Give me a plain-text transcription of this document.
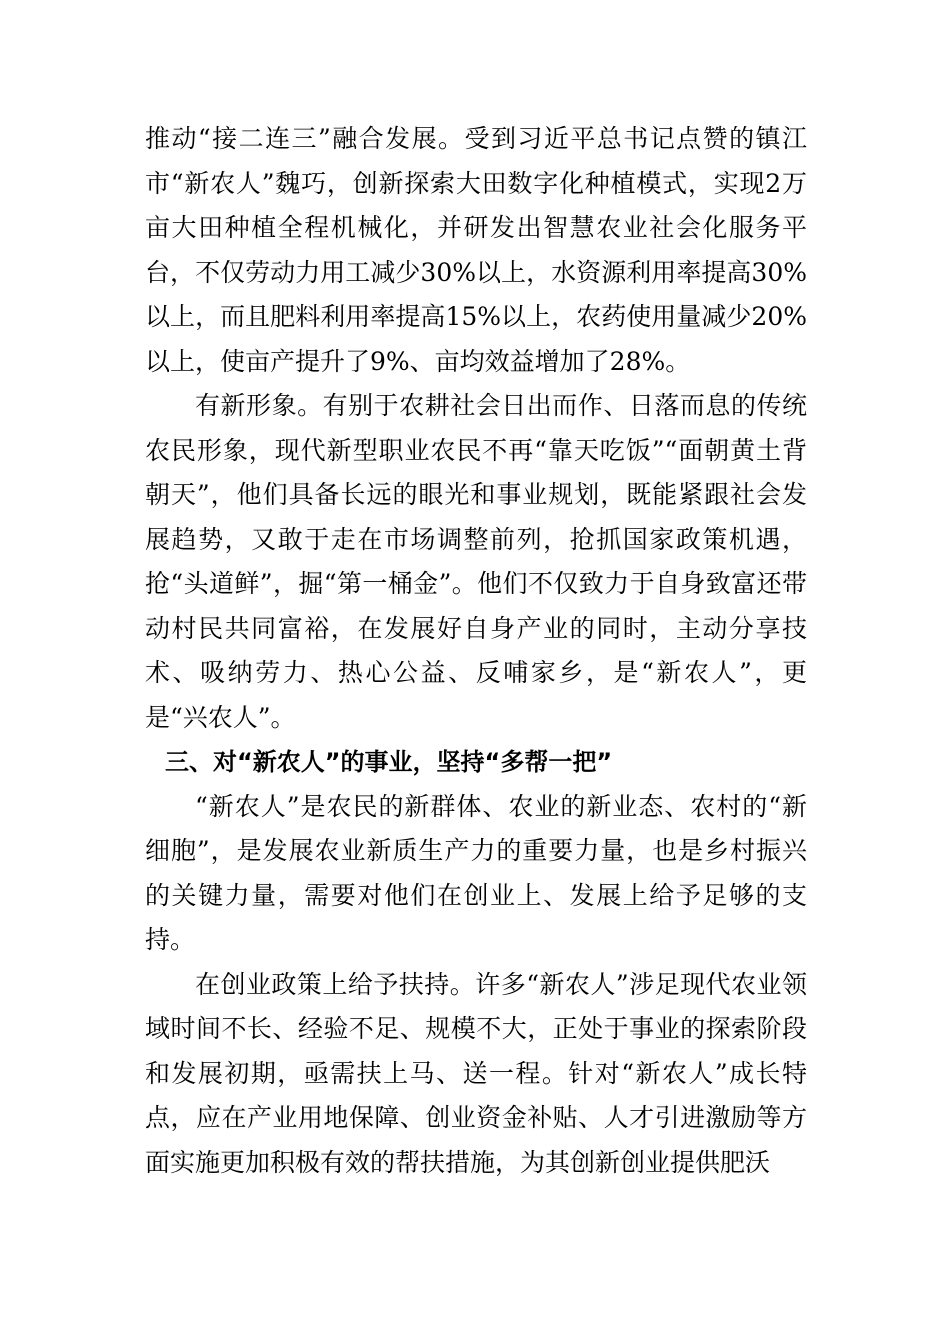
推动“接二连三”融合发展。受到习近平总书记点赞的镇江市“新农人”魏巧，创新探索大田数字化种植模式，实现2万亩大田种植全程机械化，并研发出智慧农业社会化服务平台，不仅劳动力用工减少30%以上，水资源利用率提高30%以上，而且肥料利用率提高15%以上，农药使用量减少20%以上，使亩产提升了9%、亩均效益增加了28%。

有新形象。有别于农耕社会日出而作、日落而息的传统农民形象，现代新型职业农民不再“靠天吃饭”“面朝黄土背朝天”，他们具备长远的眼光和事业规划，既能紧跟社会发展趋势，又敢于走在市场调整前列，抢抓国家政策机遇，抢“头道鲜”，掘“第一桶金”。他们不仅致力于自身致富还带动村民共同富裕，在发展好自身产业的同时，主动分享技术、吸纳劳力、热心公益、反哺家乡，是“新农人”，更是“兴农人”。

三、对“新农人”的事业，坚持“多帮一把”

“新农人”是农民的新群体、农业的新业态、农村的“新细胞”，是发展农业新质生产力的重要力量，也是乡村振兴的关键力量，需要对他们在创业上、发展上给予足够的支持。

在创业政策上给予扶持。许多“新农人”涉足现代农业领域时间不长、经验不足、规模不大，正处于事业的探索阶段和发展初期，亟需扶上马、送一程。针对“新农人”成长特点，应在产业用地保障、创业资金补贴、人才引进激励等方面实施更加积极有效的帮扶措施，为其创新创业提供肥沃
